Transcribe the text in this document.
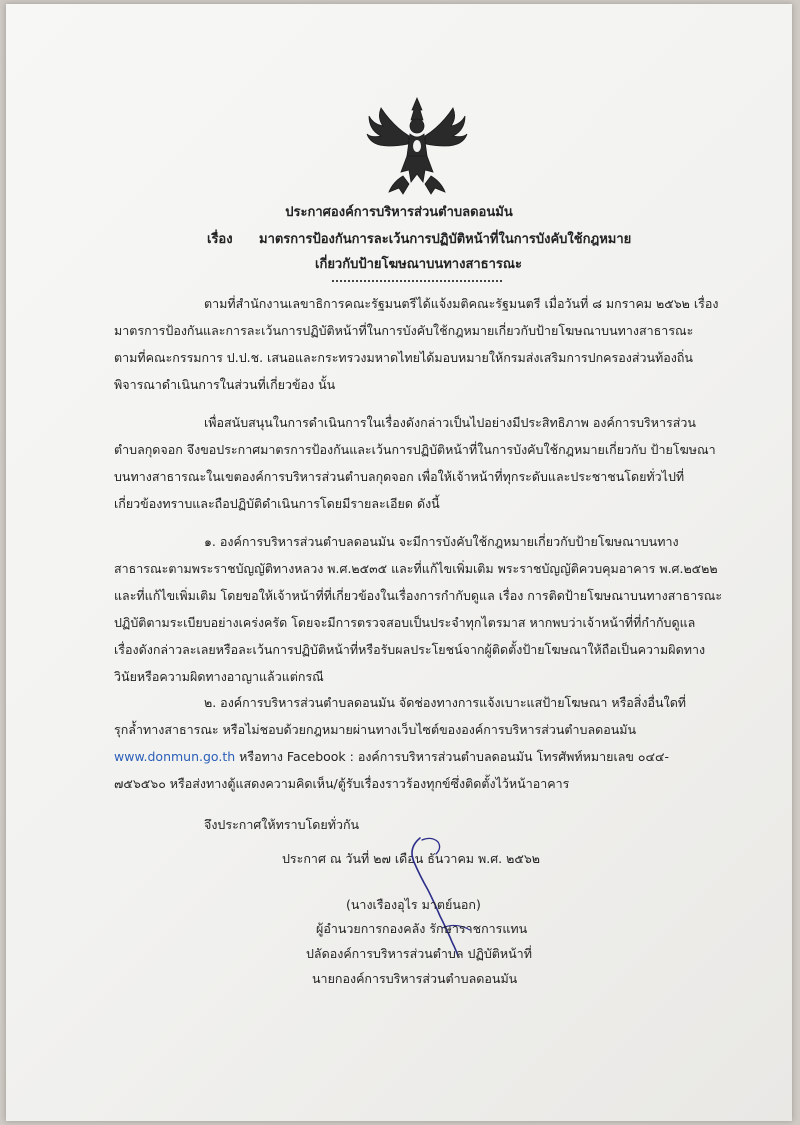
ประกาศองค์การบริหารส่วนตำบลดอนมัน
เรื่อง มาตรการป้องกันการละเว้นการปฏิบัติหน้าที่ในการบังคับใช้กฎหมาย
เกี่ยวกับป้ายโฆษณาบนทางสาธารณะ
ตามที่สำนักงานเลขาธิการคณะรัฐมนตรีได้แจ้งมติคณะรัฐมนตรี เมื่อวันที่ ๘ มกราคม ๒๕๖๒ เรื่อง
มาตรการป้องกันและการละเว้นการปฏิบัติหน้าที่ในการบังคับใช้กฎหมายเกี่ยวกับป้ายโฆษณาบนทางสาธารณะ
ตามที่คณะกรรมการ ป.ป.ช. เสนอและกระทรวงมหาดไทยได้มอบหมายให้กรมส่งเสริมการปกครองส่วนท้องถิ่น
พิจารณาดำเนินการในส่วนที่เกี่ยวข้อง นั้น
เพื่อสนับสนุนในการดำเนินการในเรื่องดังกล่าวเป็นไปอย่างมีประสิทธิภาพ องค์การบริหารส่วน
ตำบลกุดจอก จึงขอประกาศมาตรการป้องกันและเว้นการปฏิบัติหน้าที่ในการบังคับใช้กฎหมายเกี่ยวกับ ป้ายโฆษณา
บนทางสาธารณะในเขตองค์การบริหารส่วนตำบลกุดจอก เพื่อให้เจ้าหน้าที่ทุกระดับและประชาชนโดยทั่วไปที่
เกี่ยวข้องทราบและถือปฏิบัติดำเนินการโดยมีรายละเอียด ดังนี้
๑. องค์การบริหารส่วนตำบลดอนมัน จะมีการบังคับใช้กฎหมายเกี่ยวกับป้ายโฆษณาบนทาง
สาธารณะตามพระราชบัญญัติทางหลวง พ.ศ.๒๕๓๕ และที่แก้ไขเพิ่มเติม พระราชบัญญัติควบคุมอาคาร พ.ศ.๒๕๒๒
และที่แก้ไขเพิ่มเติม โดยขอให้เจ้าหน้าที่ที่เกี่ยวข้องในเรื่องการกำกับดูแล เรื่อง การติดป้ายโฆษณาบนทางสาธารณะ
ปฏิบัติตามระเบียบอย่างเคร่งครัด โดยจะมีการตรวจสอบเป็นประจำทุกไตรมาส หากพบว่าเจ้าหน้าที่ที่กำกับดูแล
เรื่องดังกล่าวละเลยหรือละเว้นการปฏิบัติหน้าที่หรือรับผลประโยชน์จากผู้ติดตั้งป้ายโฆษณาให้ถือเป็นความผิดทาง
วินัยหรือความผิดทางอาญาแล้วแต่กรณี
๒. องค์การบริหารส่วนตำบลดอนมัน จัดช่องทางการแจ้งเบาะแสป้ายโฆษณา หรือสิ่งอื่นใดที่
รุกล้ำทางสาธารณะ หรือไม่ชอบด้วยกฎหมายผ่านทางเว็บไซต์ขององค์การบริหารส่วนตำบลดอนมัน
www.donmun.go.th หรือทาง Facebook : องค์การบริหารส่วนตำบลดอนมัน โทรศัพท์หมายเลข ๐๔๔-
๗๕๖๕๖๐ หรือส่งทางตู้แสดงความคิดเห็น/ตู้รับเรื่องราวร้องทุกข์ซึ่งติดตั้งไว้หน้าอาคาร
จึงประกาศให้ทราบโดยทั่วกัน
ประกาศ ณ วันที่ ๒๗ เดือน ธันวาคม พ.ศ. ๒๕๖๒
(นางเรืองอุไร มาตย์นอก)
ผู้อำนวยการกองคลัง รักษาราชการแทน
ปลัดองค์การบริหารส่วนตำบล ปฏิบัติหน้าที่
นายกองค์การบริหารส่วนตำบลดอนมัน
